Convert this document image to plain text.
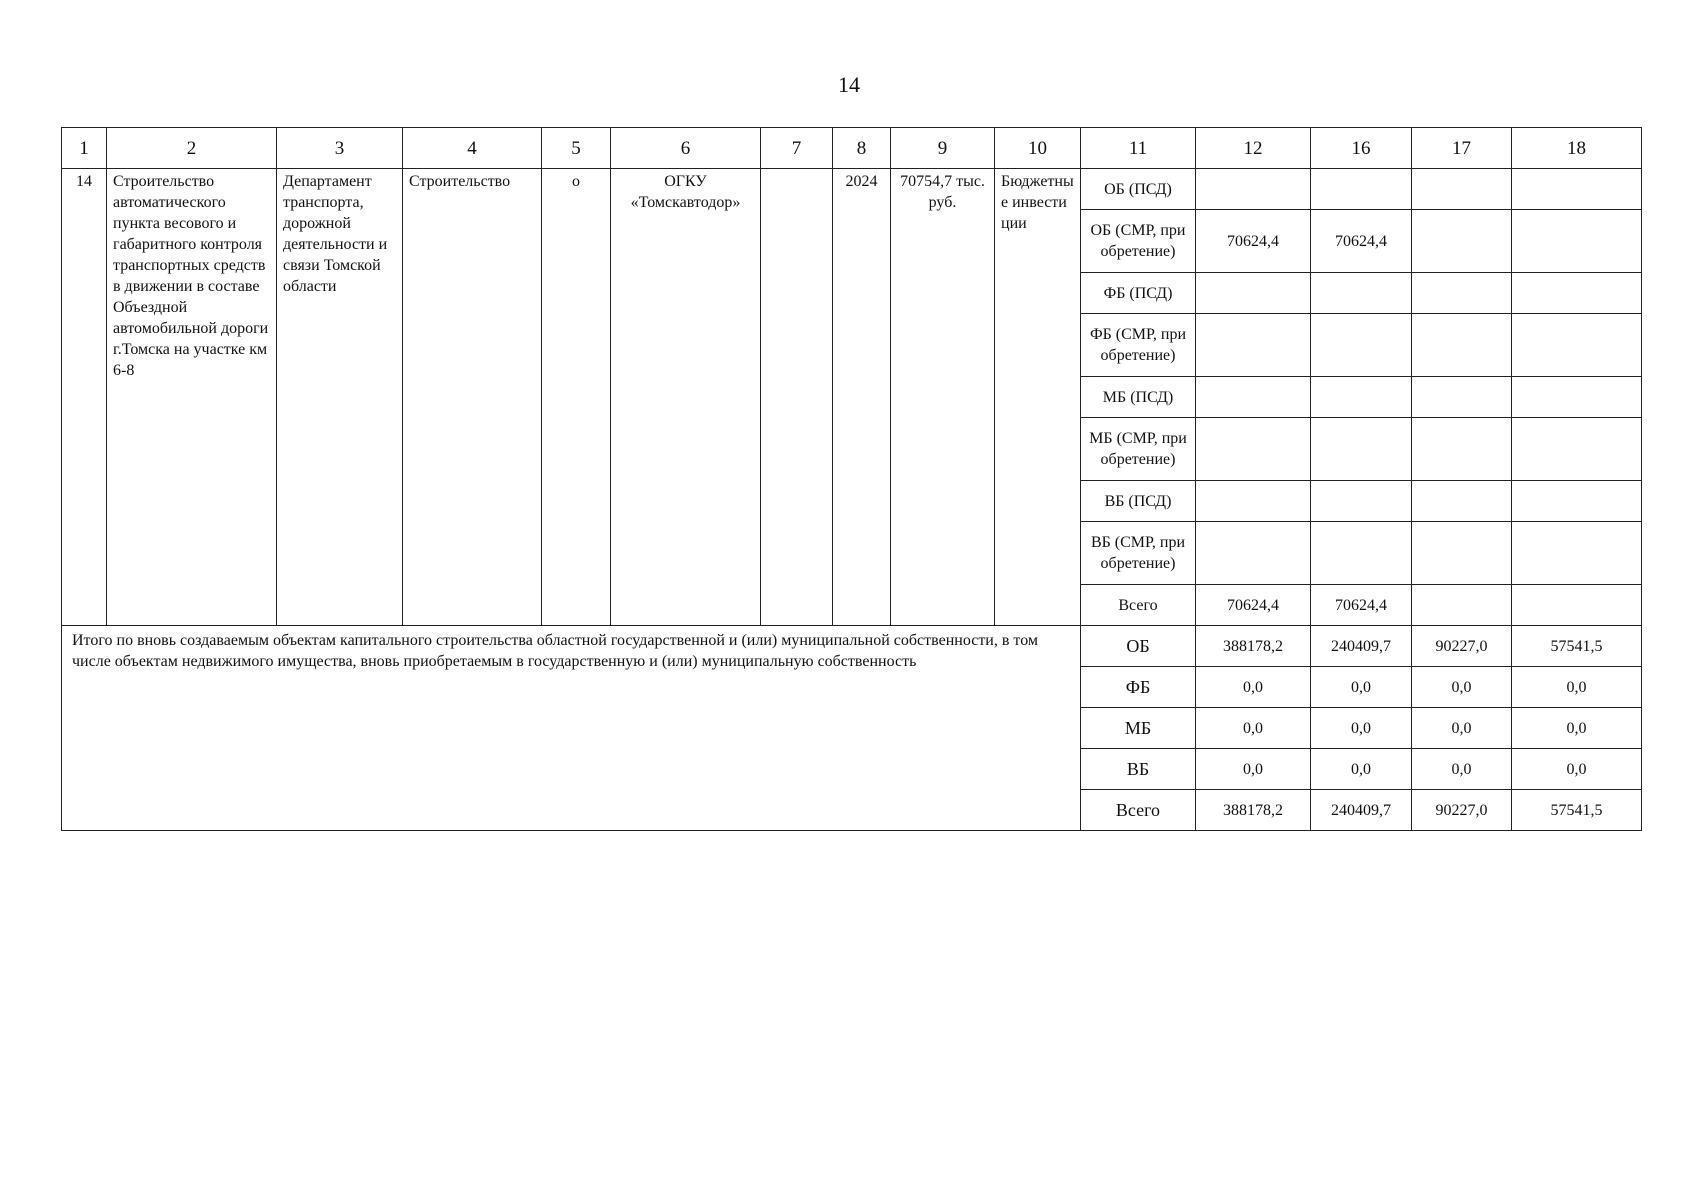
14
1	2	3	4	5	6	7	8	9	10	11	12	16	17	18
14	Строительство автоматического пункта весового и габаритного контроля транспортных средств в движении в составе Объездной автомобильной дороги г.Томска на участке км 6-8	Департамент транспорта, дорожной деятельности и связи Томской области	Строительство	о	ОГКУ «Томскавтодор»		2024	70754,7 тыс. руб.	Бюджетные инвестиции	ОБ (ПСД)				
										ОБ (СМР, приобретение)	70624,4	70624,4		
										ФБ (ПСД)				
										ФБ (СМР, приобретение)				
										МБ (ПСД)				
										МБ (СМР, приобретение)				
										ВБ (ПСД)				
										ВБ (СМР, приобретение)				
										Всего	70624,4	70624,4		
Итого по вновь создаваемым объектам капитального строительства областной государственной и (или) муниципальной собственности, в том числе объектам недвижимого имущества, вновь приобретаемым в государственную и (или) муниципальную собственность										ОБ	388178,2	240409,7	90227,0	57541,5
										ФБ	0,0	0,0	0,0	0,0
										МБ	0,0	0,0	0,0	0,0
										ВБ	0,0	0,0	0,0	0,0
										Всего	388178,2	240409,7	90227,0	57541,5
